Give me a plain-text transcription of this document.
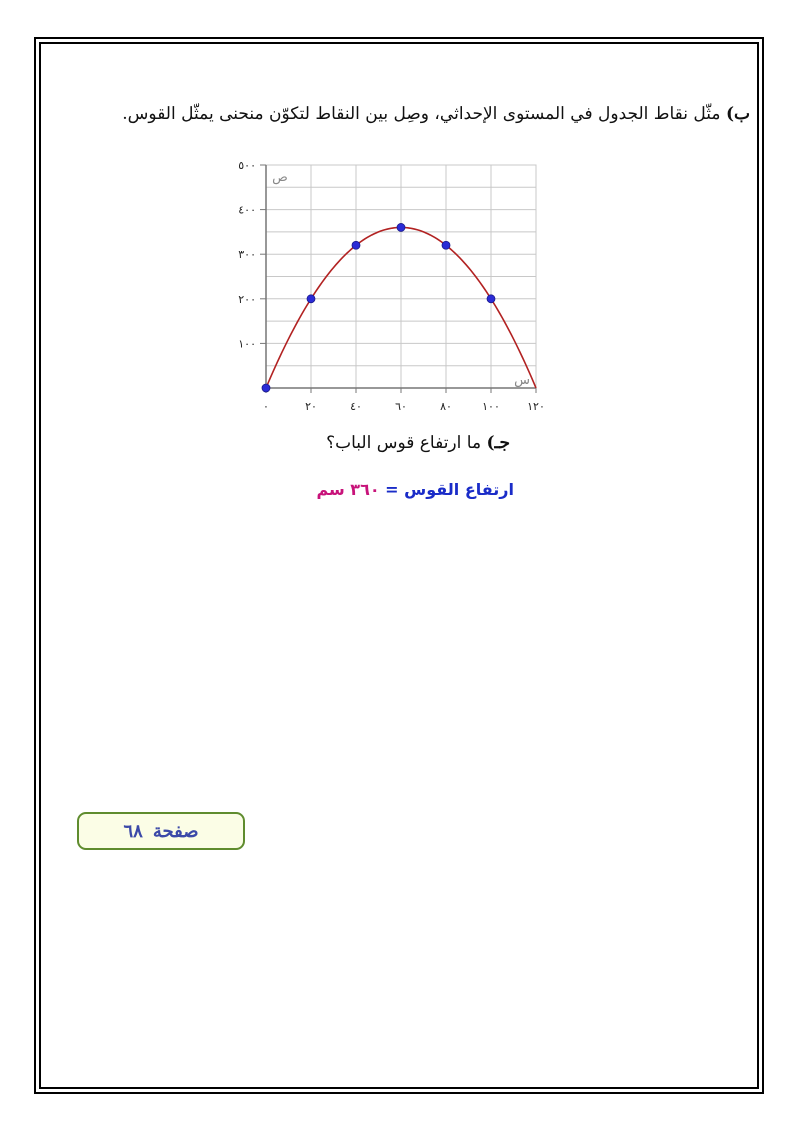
ب) مثّل نقاط الجدول في المستوى الإحداثي، وصِل بين النقاط لتكوّن منحنى يمثّل القوس.
١٠٠
٢٠٠
٣٠٠
٤٠٠
٥٠٠
٠	٢٠	٤٠	٦٠	٨٠	١٠٠ ١٢٠
ص
س
جـ) ما ارتفاع قوس الباب؟
ارتفاع القوس = ٣٦٠ سم
صفحة
٦٨
